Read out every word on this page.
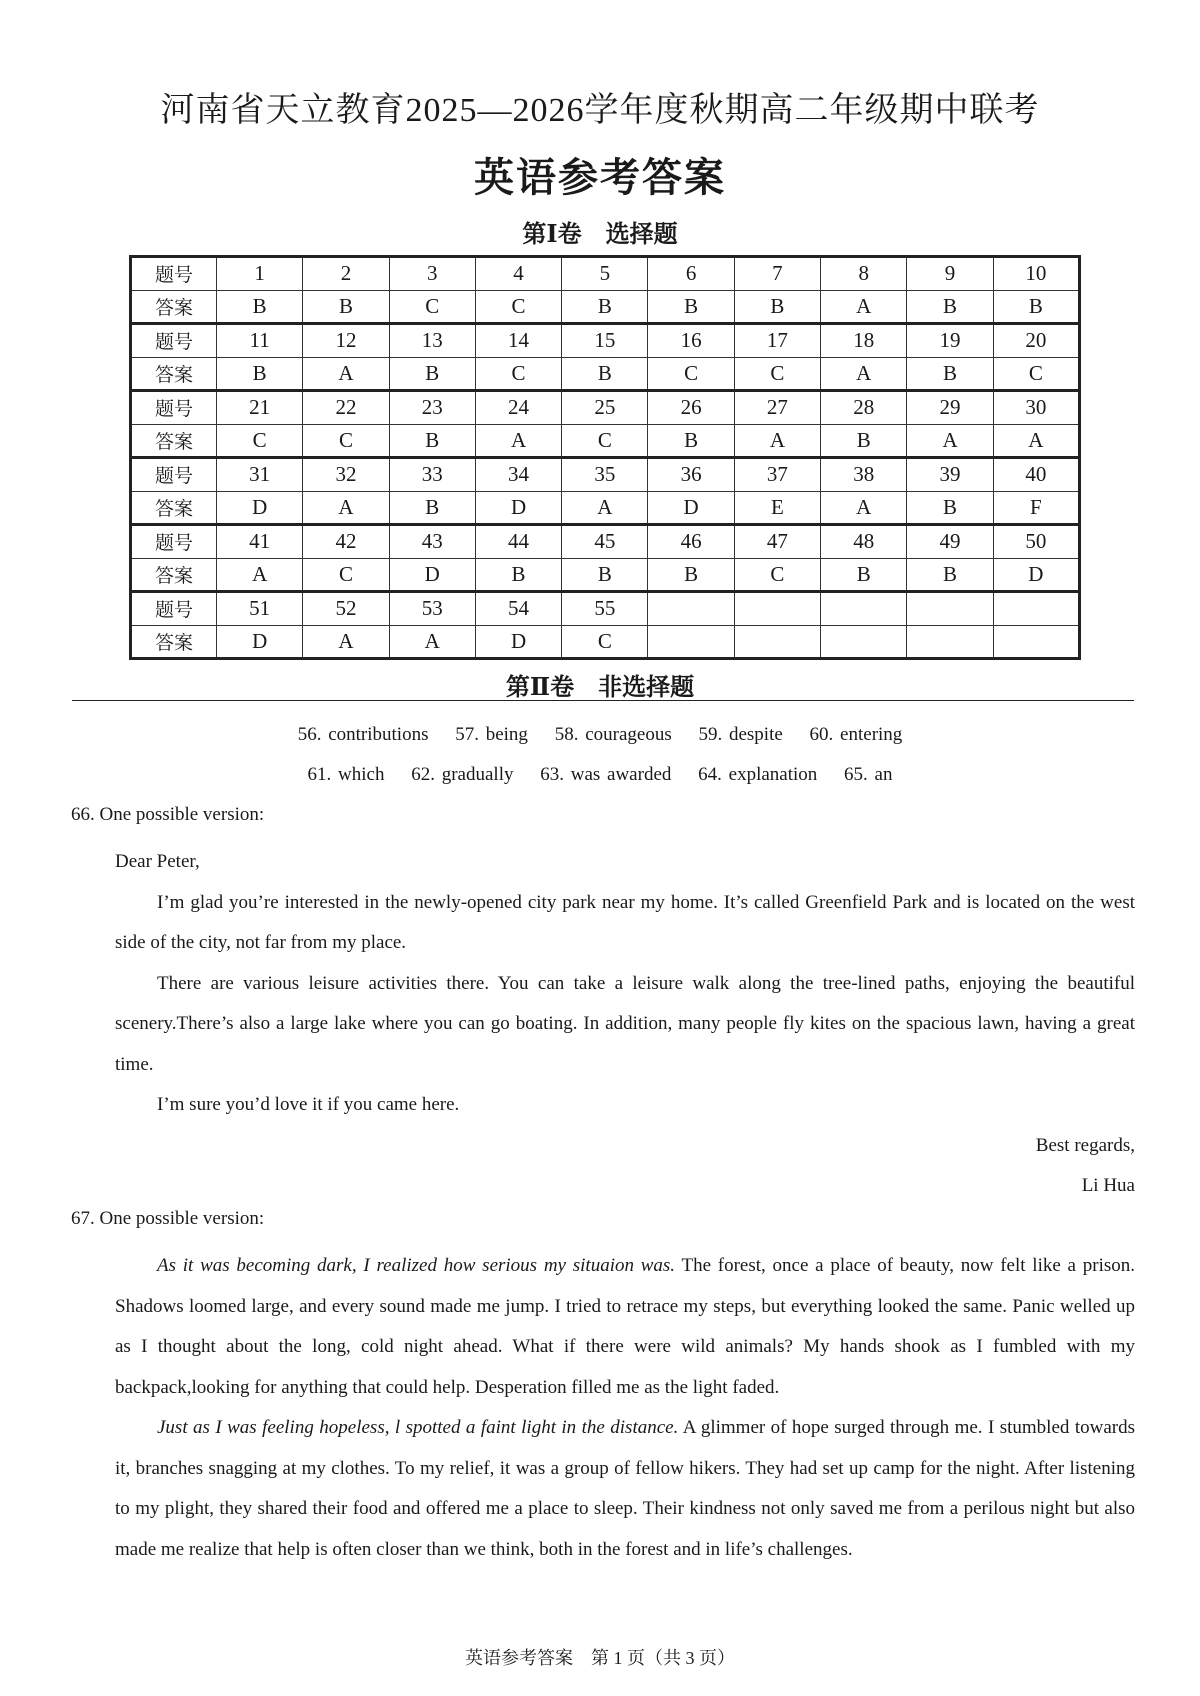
河南省天立教育2025—2026学年度秋期高二年级期中联考
英语参考答案
第Ⅰ卷 选择题
题号	1	2	3	4	5	6	7	8	9	10
答案	B	B	C	C	B	B	B	A	B	B
题号	11	12	13	14	15	16	17	18	19	20
答案	B	A	B	C	B	C	C	A	B	C
题号	21	22	23	24	25	26	27	28	29	30
答案	C	C	B	A	C	B	A	B	A	A
题号	31	32	33	34	35	36	37	38	39	40
答案	D	A	B	D	A	D	E	A	B	F
题号	41	42	43	44	45	46	47	48	49	50
答案	A	C	D	B	B	B	C	B	B	D
题号	51	52	53	54	55					
答案	D	A	A	D	C					
第Ⅱ卷 非选择题
56. contributions 57. being 58. courageous 59. despite 60. entering
61. which 62. gradually 63. was awarded 64. explanation 65. an
66. One possible version:

Dear Peter,

I’m glad you’re interested in the newly-opened city park near my home. It’s called Greenfield Park and is located on the west side of the city, not far from my place.

There are various leisure activities there. You can take a leisure walk along the tree-lined paths, enjoying the beautiful scenery.There’s also a large lake where you can go boating. In addition, many people fly kites on the spacious lawn, having a great time.

I’m sure you’d love it if you came here.

Best regards,

Li Hua

67. One possible version:

As it was becoming dark, I realized how serious my situaion was. The forest, once a place of beauty, now felt like a prison. Shadows loomed large, and every sound made me jump. I tried to retrace my steps, but everything looked the same. Panic welled up as I thought about the long, cold night ahead. What if there were wild animals? My hands shook as I fumbled with my backpack,looking for anything that could help. Desperation filled me as the light faded.

Just as I was feeling hopeless, l spotted a faint light in the distance. A glimmer of hope surged through me. I stumbled towards it, branches snagging at my clothes. To my relief, it was a group of fellow hikers. They had set up camp for the night. After listening to my plight, they shared their food and offered me a place to sleep. Their kindness not only saved me from a perilous night but also made me realize that help is often closer than we think, both in the forest and in life’s challenges.

英语参考答案　第 1 页（共 3 页）
